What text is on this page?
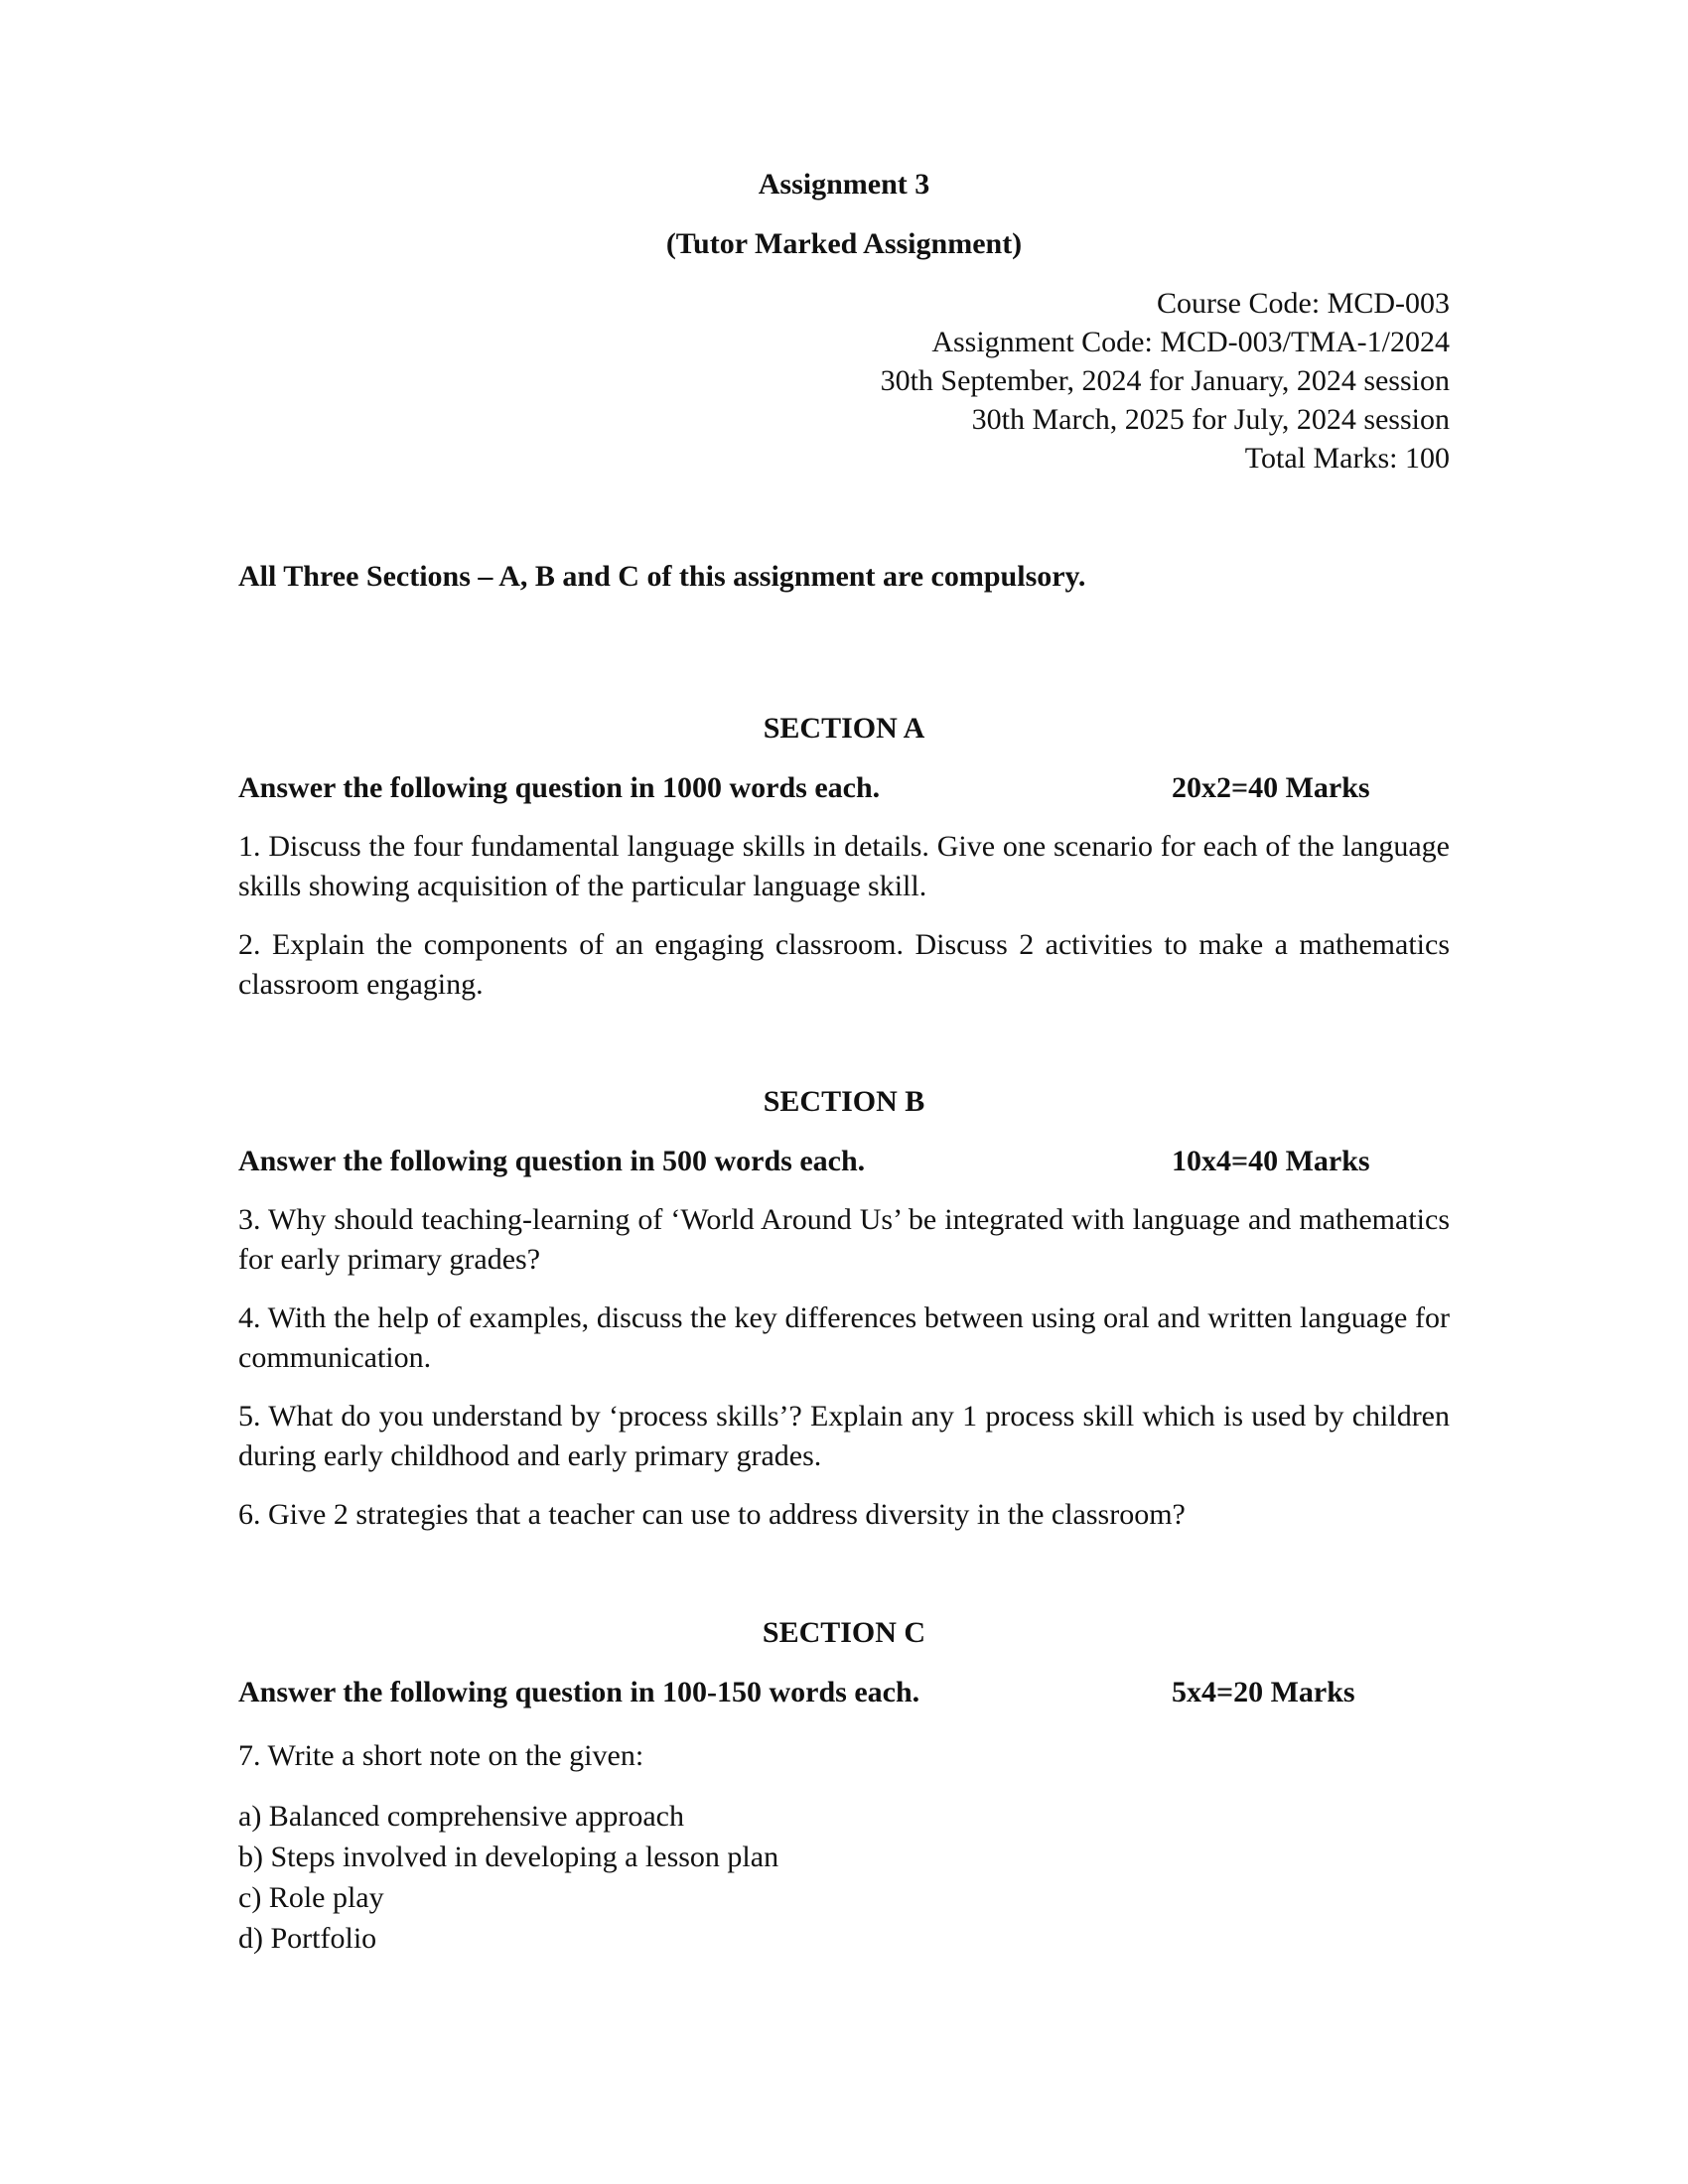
Assignment 3
(Tutor Marked Assignment)
Course Code: MCD-003
Assignment Code: MCD-003/TMA-1/2024
30th September, 2024 for January, 2024 session
30th March, 2025 for July, 2024 session
Total Marks: 100
All Three Sections – A, B and C of this assignment are compulsory.
SECTION A
Answer the following question in 1000 words each.	20x2=40 Marks
1. Discuss the four fundamental language skills in details. Give one scenario for each of the language skills showing acquisition of the particular language skill.
2. Explain the components of an engaging classroom. Discuss 2 activities to make a mathematics classroom engaging.
SECTION B
Answer the following question in 500 words each.	10x4=40 Marks
3. Why should teaching-learning of ‘World Around Us’ be integrated with language and mathematics for early primary grades?
4. With the help of examples, discuss the key differences between using oral and written language for communication.
5. What do you understand by ‘process skills’? Explain any 1 process skill which is used by children during early childhood and early primary grades.
6. Give 2 strategies that a teacher can use to address diversity in the classroom?
SECTION C
Answer the following question in 100-150 words each.	5x4=20 Marks
7. Write a short note on the given:
a) Balanced comprehensive approach
b) Steps involved in developing a lesson plan
c) Role play
d) Portfolio
